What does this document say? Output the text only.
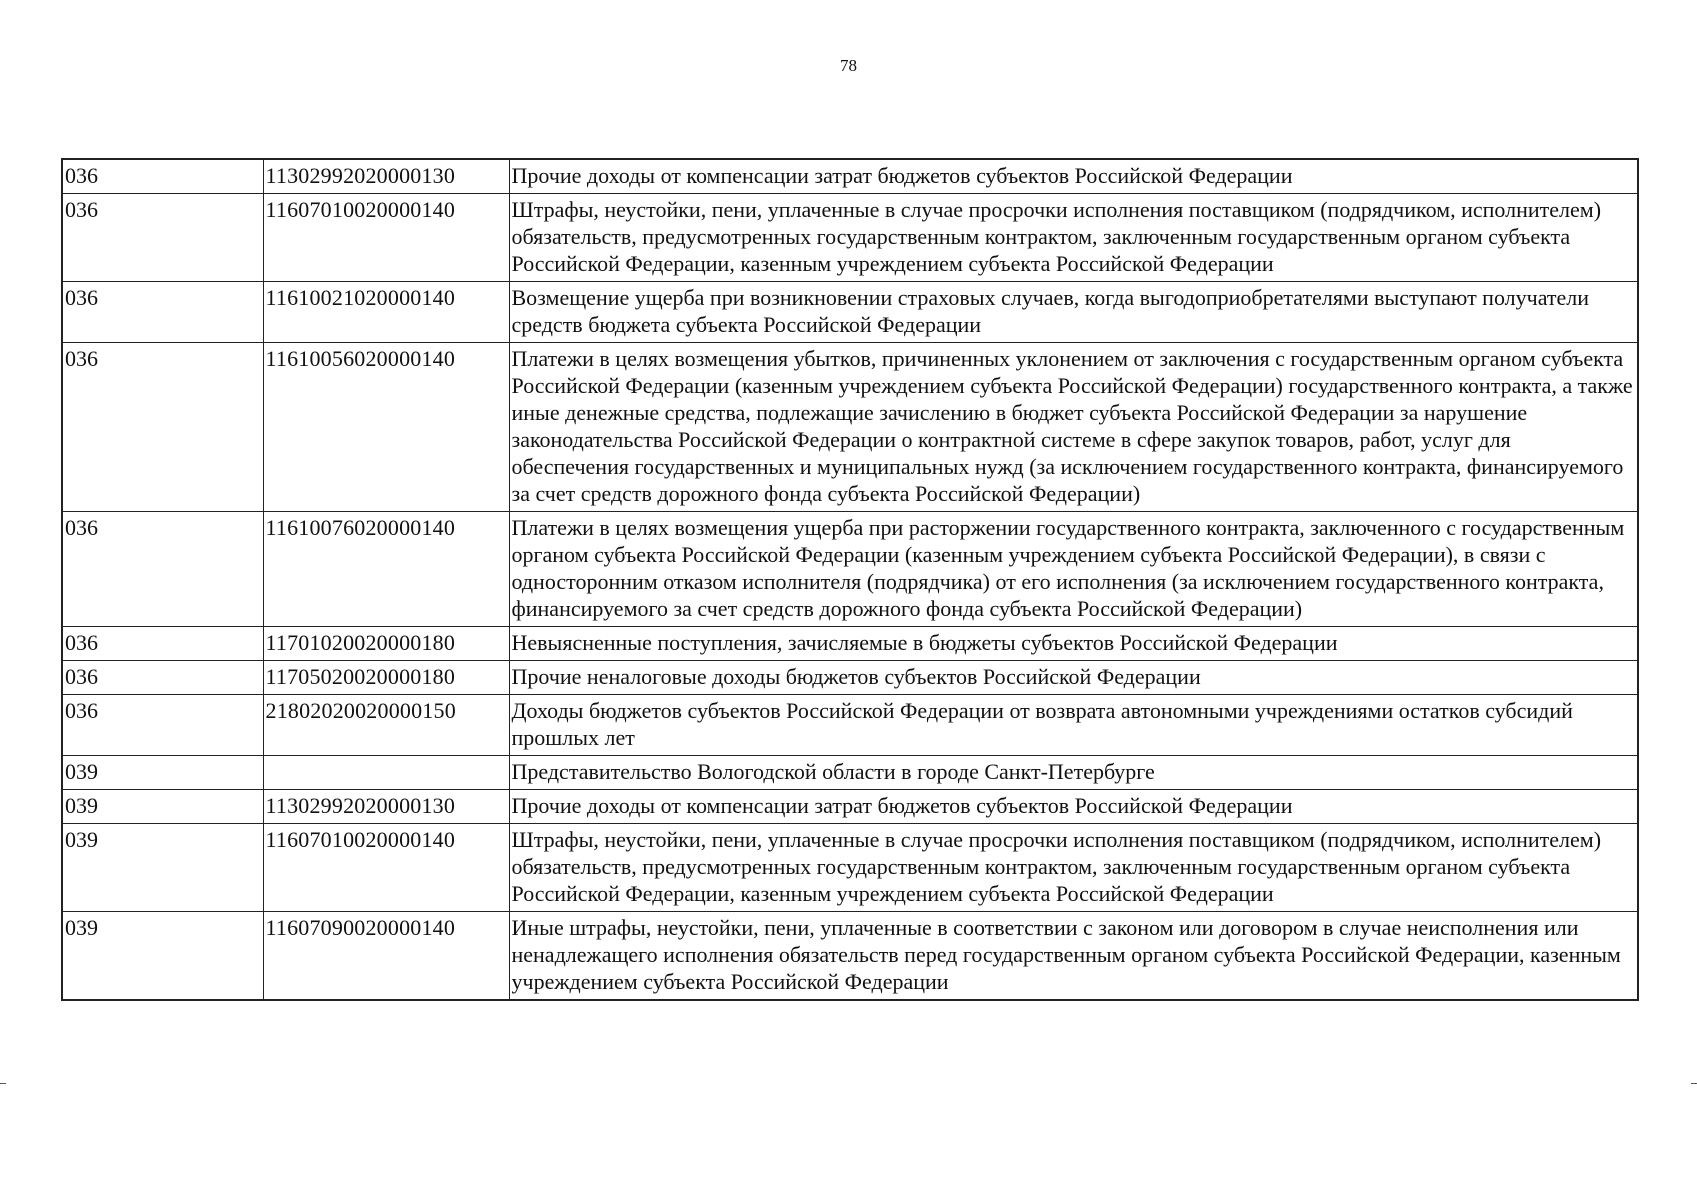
78
036	11302992020000130	Прочие доходы от компенсации затрат бюджетов субъектов Российской Федерации
036	11607010020000140	Штрафы, неустойки, пени, уплаченные в случае просрочки исполнения поставщиком (подрядчиком, исполнителем) обязательств, предусмотренных государственным контрактом, заключенным государственным органом субъекта Российской Федерации, казенным учреждением субъекта Российской Федерации
036	11610021020000140	Возмещение ущерба при возникновении страховых случаев, когда выгодоприобретателями выступают получатели средств бюджета субъекта Российской Федерации
036	11610056020000140	Платежи в целях возмещения убытков, причиненных уклонением от заключения с государственным органом субъекта Российской Федерации (казенным учреждением субъекта Российской Федерации) государственного контракта, а также иные денежные средства, подлежащие зачислению в бюджет субъекта Российской Федерации за нарушение законодательства Российской Федерации о контрактной системе в сфере закупок товаров, работ, услуг для обеспечения государственных и муниципальных нужд (за исключением государственного контракта, финансируемого за счет средств дорожного фонда субъекта Российской Федерации)
036	11610076020000140	Платежи в целях возмещения ущерба при расторжении государственного контракта, заключенного с государственным органом субъекта Российской Федерации (казенным учреждением субъекта Российской Федерации), в связи с односторонним отказом исполнителя (подрядчика) от его исполнения (за исключением государственного контракта, финансируемого за счет средств дорожного фонда субъекта Российской Федерации)
036	11701020020000180	Невыясненные поступления, зачисляемые в бюджеты субъектов Российской Федерации
036	11705020020000180	Прочие неналоговые доходы бюджетов субъектов Российской Федерации
036	21802020020000150	Доходы бюджетов субъектов Российской Федерации от возврата автономными учреждениями остатков субсидий прошлых лет
039		Представительство Вологодской области в городе Санкт-Петербурге
039	11302992020000130	Прочие доходы от компенсации затрат бюджетов субъектов Российской Федерации
039	11607010020000140	Штрафы, неустойки, пени, уплаченные в случае просрочки исполнения поставщиком (подрядчиком, исполнителем) обязательств, предусмотренных государственным контрактом, заключенным государственным органом субъекта Российской Федерации, казенным учреждением субъекта Российской Федерации
039	11607090020000140	Иные штрафы, неустойки, пени, уплаченные в соответствии с законом или договором в случае неисполнения или ненадлежащего исполнения обязательств перед государственным органом субъекта Российской Федерации, казенным учреждением субъекта Российской Федерации
